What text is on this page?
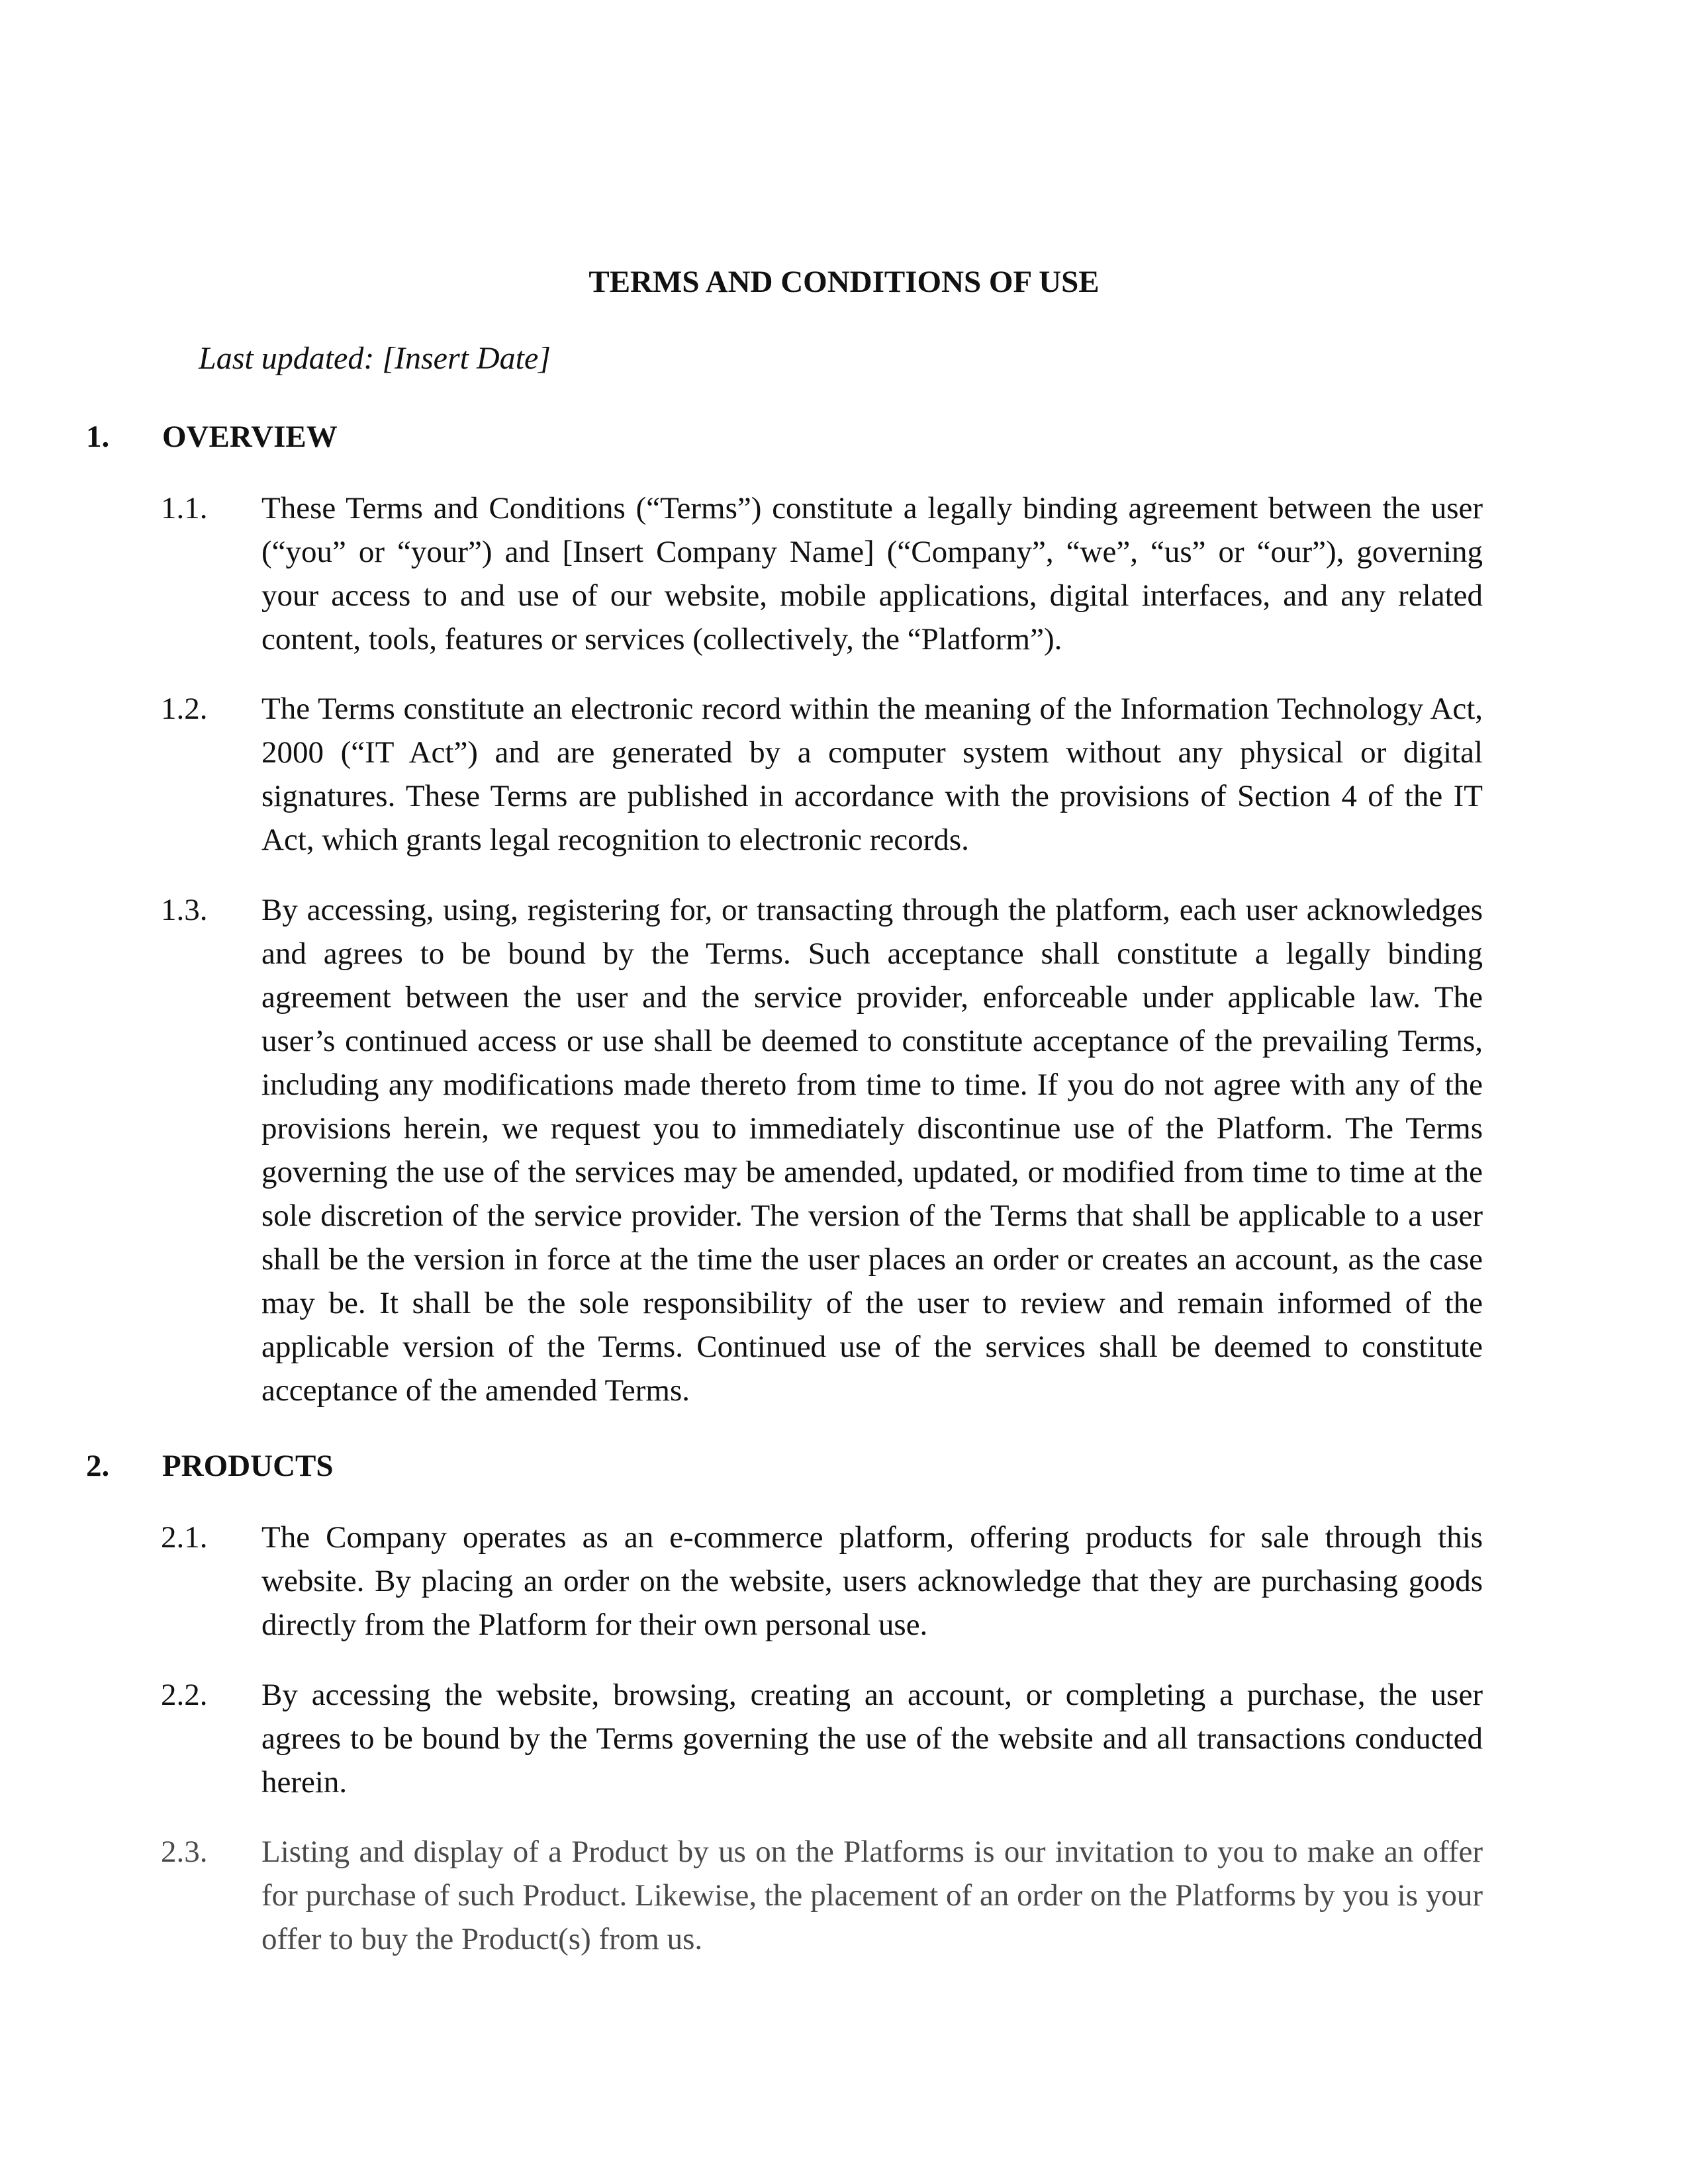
TERMS AND CONDITIONS OF USE

Last updated: [Insert Date]

1. OVERVIEW
1.1. These Terms and Conditions (“Terms”) constitute a legally binding agreement between the user (“you” or “your”) and [Insert Company Name] (“Company”, “we”, “us” or “our”), governing your access to and use of our website, mobile applications, digital interfaces, and any related content, tools, features or services (collectively, the “Platform”).
1.2. The Terms constitute an electronic record within the meaning of the Information Technology Act, 2000 (“IT Act”) and are generated by a computer system without any physical or digital signatures. These Terms are published in accordance with the provisions of Section 4 of the IT Act, which grants legal recognition to electronic records.
1.3. By accessing, using, registering for, or transacting through the platform, each user acknowledges and agrees to be bound by the Terms. Such acceptance shall constitute a legally binding agreement between the user and the service provider, enforceable under applicable law. The user’s continued access or use shall be deemed to constitute acceptance of the prevailing Terms, including any modifications made thereto from time to time. If you do not agree with any of the provisions herein, we request you to immediately discontinue use of the Platform. The Terms governing the use of the services may be amended, updated, or modified from time to time at the sole discretion of the service provider. The version of the Terms that shall be applicable to a user shall be the version in force at the time the user places an order or creates an account, as the case may be. It shall be the sole responsibility of the user to review and remain informed of the applicable version of the Terms. Continued use of the services shall be deemed to constitute acceptance of the amended Terms.
2. PRODUCTS
2.1. The Company operates as an e-commerce platform, offering products for sale through this website. By placing an order on the website, users acknowledge that they are purchasing goods directly from the Platform for their own personal use.
2.2. By accessing the website, browsing, creating an account, or completing a purchase, the user agrees to be bound by the Terms governing the use of the website and all transactions conducted herein.
2.3. Listing and display of a Product by us on the Platforms is our invitation to you to make an offer for purchase of such Product. Likewise, the placement of an order on the Platforms by you is your offer to buy the Product(s) from us.
